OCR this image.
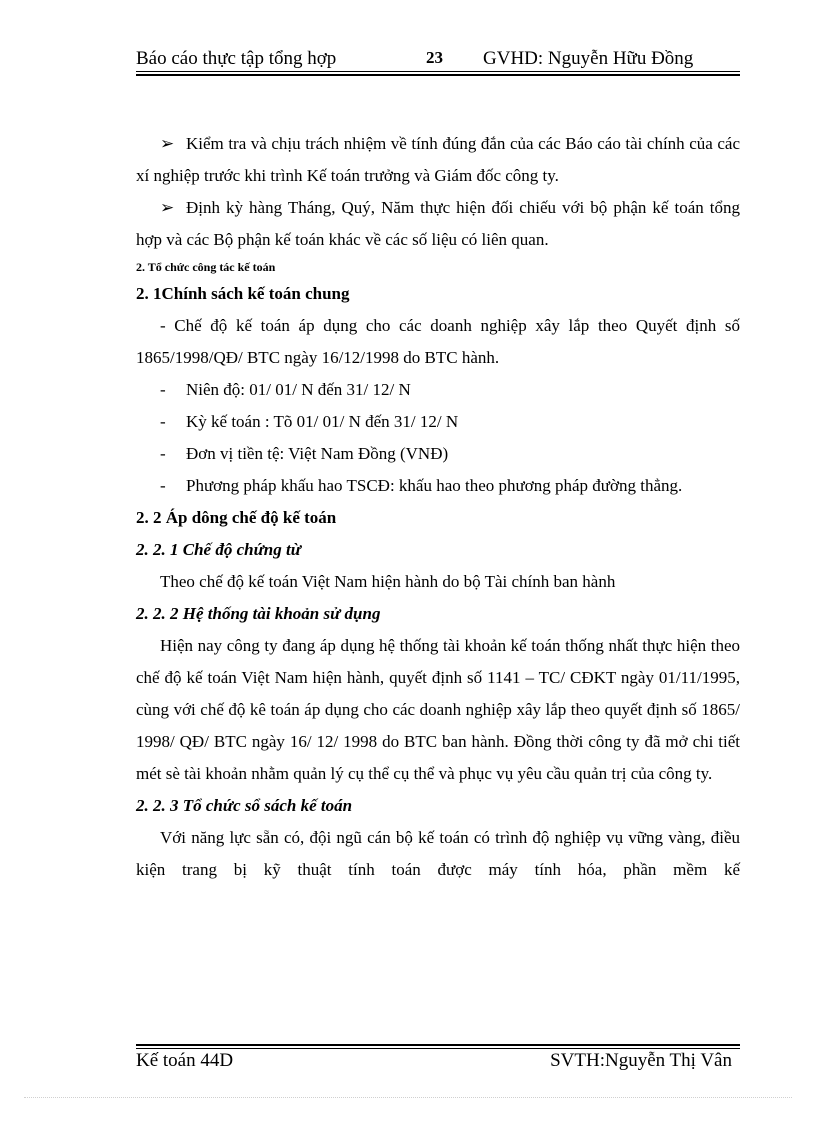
Báo cáo thực tập tổng hợp	23 GVHD: Nguyễn Hữu Đồng

➢ Kiểm tra và chịu trách nhiệm về tính đúng đắn của các Báo cáo tài chính của các xí nghiệp trước khi trình Kế toán trưởng và Giám đốc công ty.

➢ Định kỳ hàng Tháng, Quý, Năm thực hiện đối chiếu với bộ phận kế toán tổng hợp và các Bộ phận kế toán khác về các số liệu có liên quan.

2. Tổ chức công tác kế toán

2. 1Chính sách kế toán chung

- Chế độ kế toán áp dụng cho các doanh nghiệp xây lắp theo Quyết định số 1865/1998/QĐ/ BTC ngày 16/12/1998 do BTC hành.

- Niên độ: 01/ 01/ N đến 31/ 12/ N

- Kỳ kế toán : Tõ 01/ 01/ N đến 31/ 12/ N

- Đơn vị tiền tệ: Việt Nam Đồng (VNĐ)

- Phương pháp khấu hao TSCĐ: khấu hao theo phương pháp đường thẳng.

2. 2 Áp dông chế độ kế toán

2. 2. 1 Chế độ chứng từ

Theo chế độ kế toán Việt Nam hiện hành do bộ Tài chính ban hành

2. 2. 2 Hệ thống tài khoản sử dụng

Hiện nay công ty đang áp dụng hệ thống tài khoản kế toán thống nhất thực hiện theo chế độ kế toán Việt Nam hiện hành, quyết định số 1141 – TC/ CĐKT ngày 01/11/1995, cùng với chế độ kê toán áp dụng cho các doanh nghiệp xây lắp theo quyết định số 1865/ 1998/ QĐ/ BTC ngày 16/ 12/ 1998 do BTC ban hành. Đồng thời công ty đã mở chi tiết mét sè tài khoản nhằm quản lý cụ thể cụ thể và phục vụ yêu cầu quản trị của công ty.

2. 2. 3 Tổ chức sổ sách kế toán

Với năng lực sẵn có, đội ngũ cán bộ kế toán có trình độ nghiệp vụ vững vàng, điều kiện trang bị kỹ thuật tính toán được máy tính hóa, phần mềm kế

Kế toán 44D	SVTH:Nguyễn Thị Vân
